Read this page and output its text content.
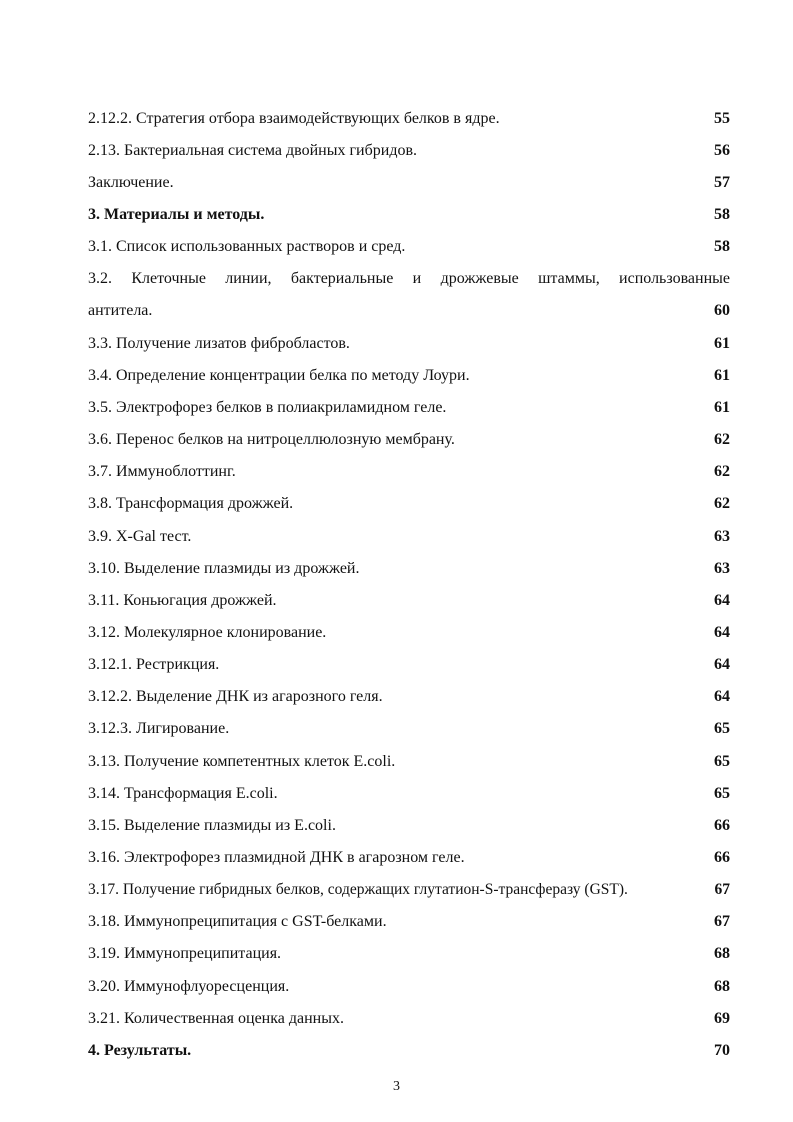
2.12.2. Стратегия отбора взаимодействующих белков в ядре.	55
2.13. Бактериальная система двойных гибридов.	56
Заключение.	57
3. Материалы и методы.	58
3.1. Список использованных растворов и сред.	58
3.2. Клеточные линии, бактериальные и дрожжевые штаммы, использованные
антитела.	60
3.3. Получение лизатов фибробластов.	61
3.4. Определение концентрации белка по методу Лоури.	61
3.5. Электрофорез белков в полиакриламидном геле.	61
3.6. Перенос белков на нитроцеллюлозную мембрану.	62
3.7. Иммуноблоттинг.	62
3.8. Трансформация дрожжей.	62
3.9. X-Gal тест.	63
3.10. Выделение плазмиды из дрожжей.	63
3.11. Коньюгация дрожжей.	64
3.12. Молекулярное клонирование.	64
3.12.1. Рестрикция.	64
3.12.2. Выделение ДНК из агарозного геля.	64
3.12.3. Лигирование.	65
3.13. Получение компетентных клеток E.coli.	65
3.14. Трансформация E.coli.	65
3.15. Выделение плазмиды из E.coli.	66
3.16. Электрофорез плазмидной ДНК в агарозном геле.	66
3.17. Получение гибридных белков, содержащих глутатион-S-трансферазу (GST).	67
3.18. Иммунопреципитация с GST-белками.	67
3.19. Иммунопреципитация.	68
3.20. Иммунофлуоресценция.	68
3.21. Количественная оценка данных.	69
4. Результаты.	70
3
